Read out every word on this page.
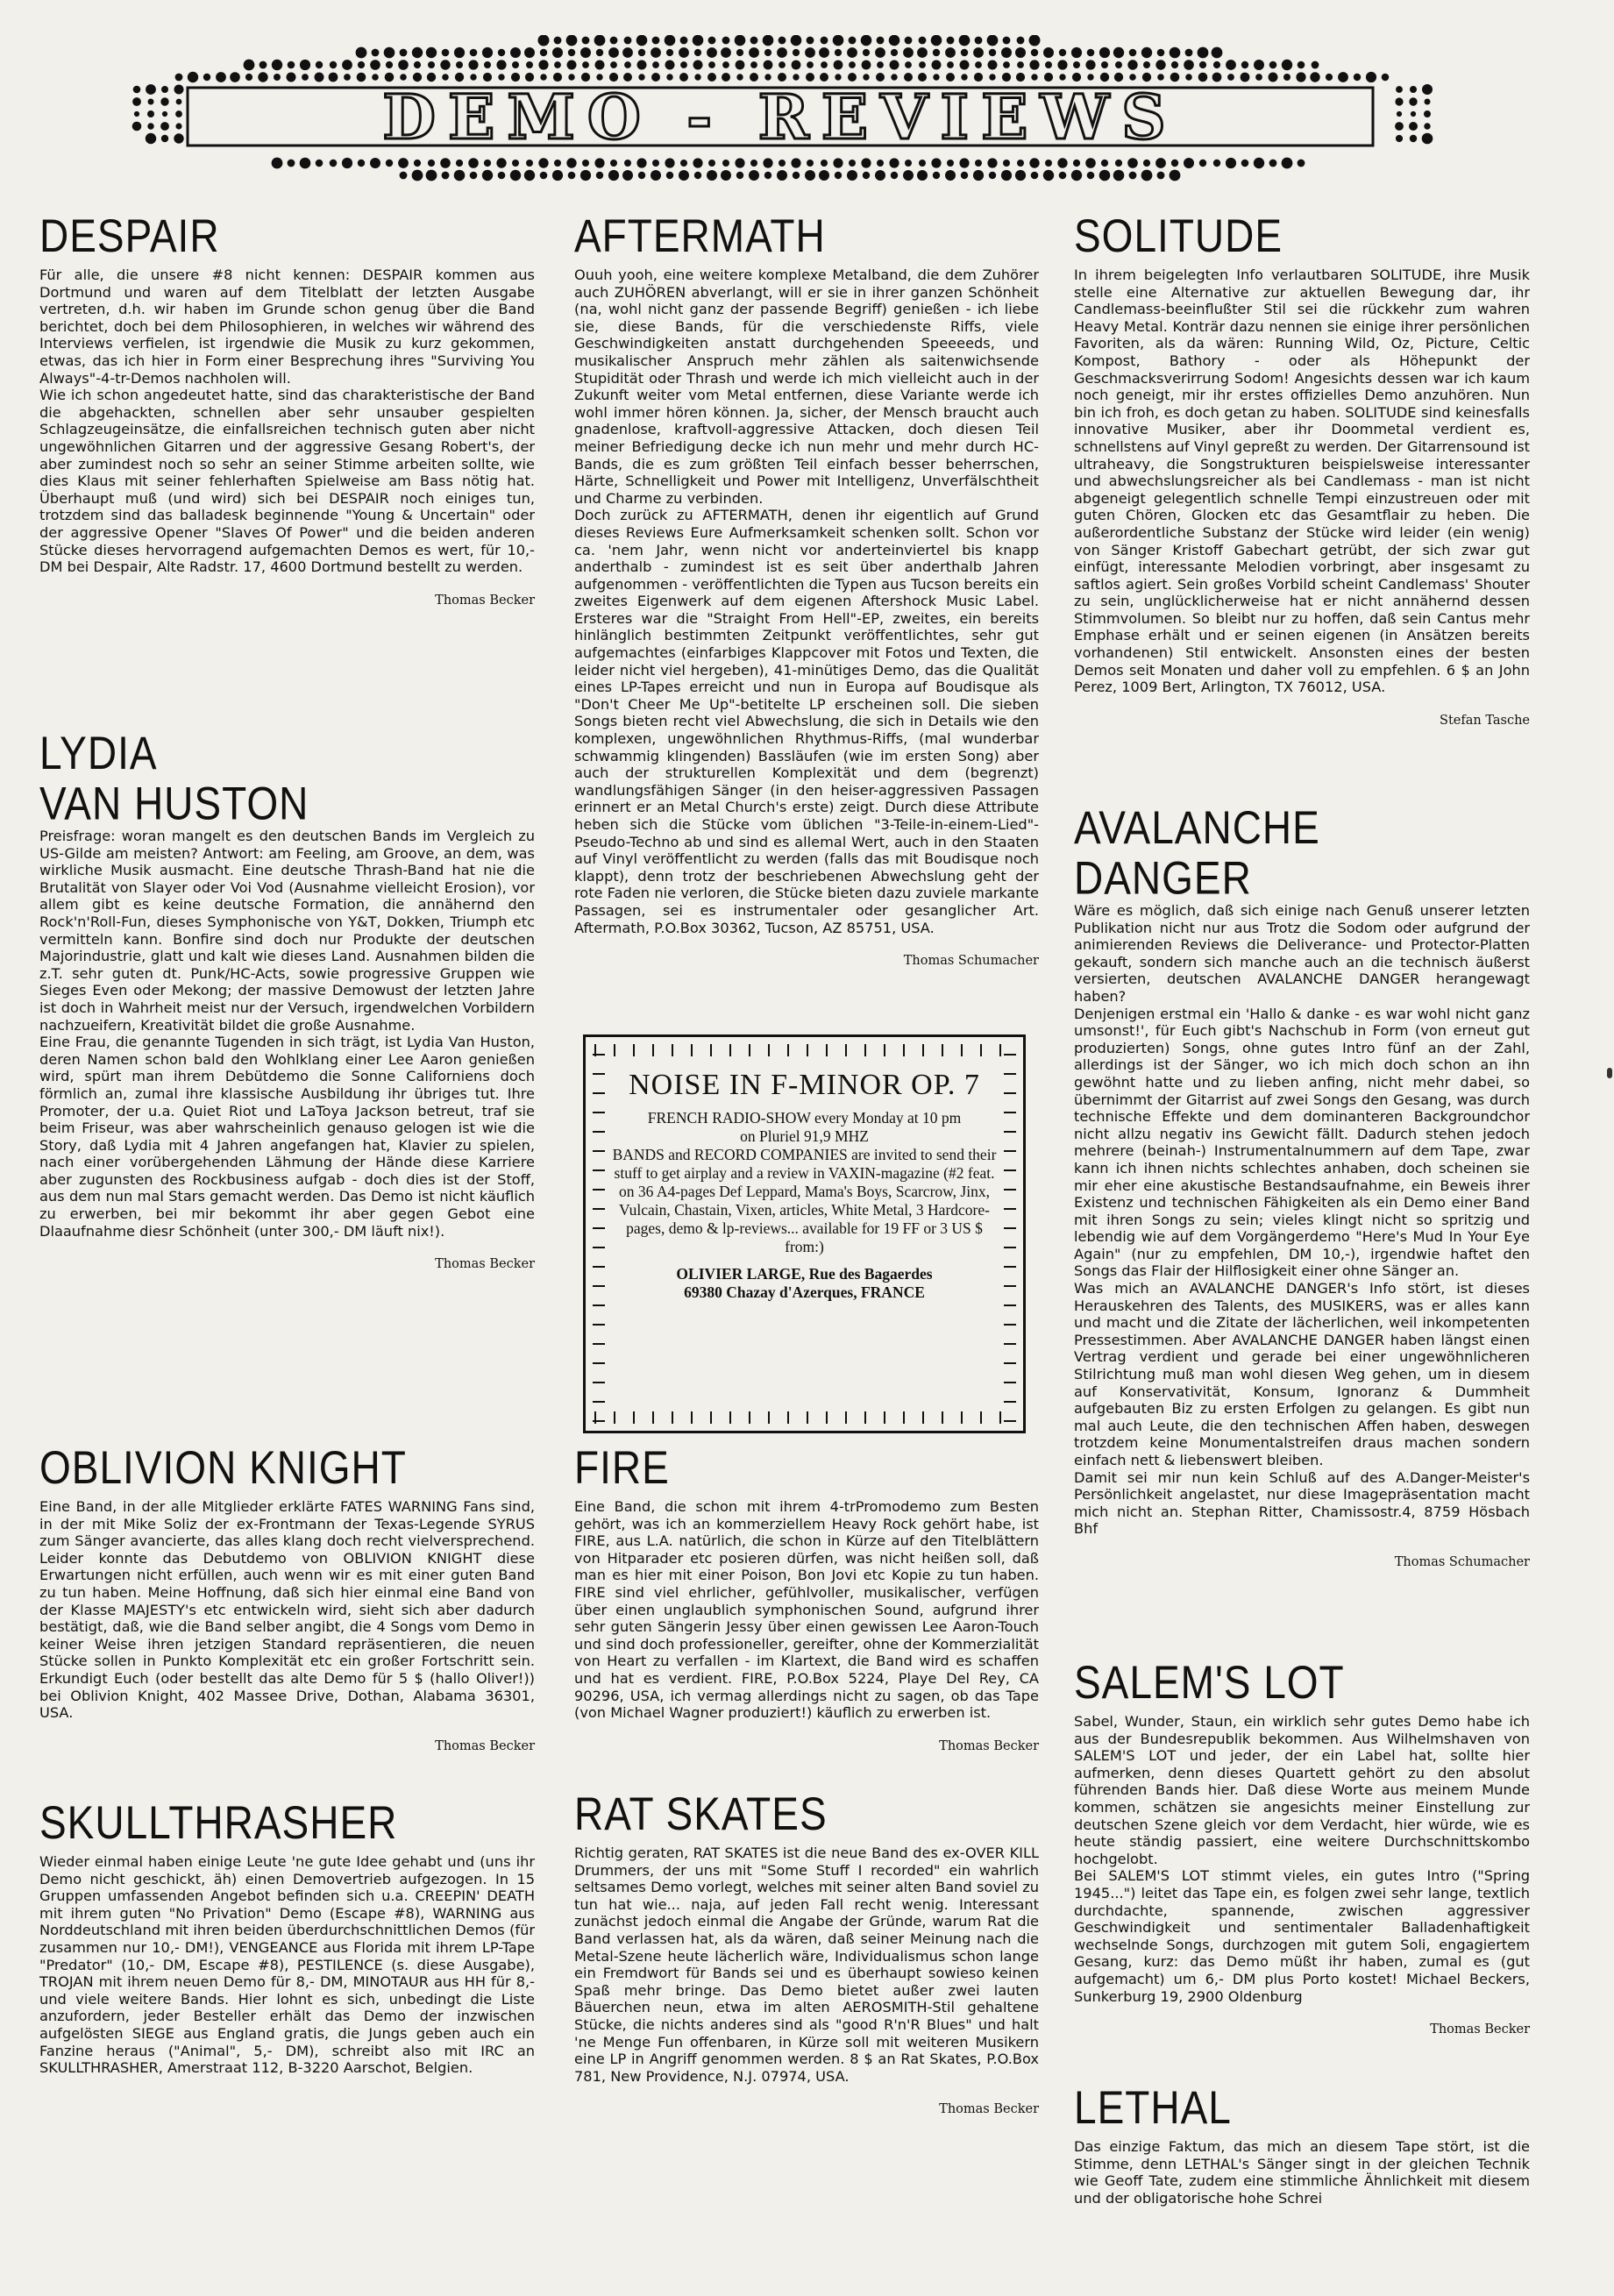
DEMO - REVIEWS
DESPAIR
Für alle, die unsere #8 nicht kennen: DESPAIR kommen aus Dortmund und waren auf dem Titelblatt der letzten Ausgabe vertreten, d.h. wir haben im Grunde schon genug über die Band berichtet, doch bei dem Philosophieren, in welches wir während des Interviews verfielen, ist irgendwie die Musik zu kurz gekommen, etwas, das ich hier in Form einer Besprechung ihres "Surviving You Always"-4-tr-Demos nachholen will.
Wie ich schon angedeutet hatte, sind das charakteristische der Band die abgehackten, schnellen aber sehr unsauber gespielten Schlagzeugeinsätze, die einfallsreichen technisch guten aber nicht ungewöhnlichen Gitarren und der aggressive Gesang Robert's, der aber zumindest noch so sehr an seiner Stimme arbeiten sollte, wie dies Klaus mit seiner fehlerhaften Spielweise am Bass nötig hat. Überhaupt muß (und wird) sich bei DESPAIR noch einiges tun, trotzdem sind das balladesk beginnende "Young & Uncertain" oder der aggressive Opener "Slaves Of Power" und die beiden anderen Stücke dieses hervorragend aufgemachten Demos es wert, für 10,- DM bei Despair, Alte Radstr. 17, 4600 Dortmund bestellt zu werden.
Thomas Becker
LYDIA
VAN HUSTON
Preisfrage: woran mangelt es den deutschen Bands im Vergleich zu US-Gilde am meisten? Antwort: am Feeling, am Groove, an dem, was wirkliche Musik ausmacht. Eine deutsche Thrash-Band hat nie die Brutalität von Slayer oder Voi Vod (Ausnahme vielleicht Erosion), vor allem gibt es keine deutsche Formation, die annähernd den Rock'n'Roll-Fun, dieses Symphonische von Y&T, Dokken, Triumph etc vermitteln kann. Bonfire sind doch nur Produkte der deutschen Majorindustrie, glatt und kalt wie dieses Land. Ausnahmen bilden die z.T. sehr guten dt. Punk/HC-Acts, sowie progressive Gruppen wie Sieges Even oder Mekong; der massive Demowust der letzten Jahre ist doch in Wahrheit meist nur der Versuch, irgendwelchen Vorbildern nachzueifern, Kreativität bildet die große Ausnahme.
Eine Frau, die genannte Tugenden in sich trägt, ist Lydia Van Huston, deren Namen schon bald den Wohlklang einer Lee Aaron genießen wird, spürt man ihrem Debütdemo die Sonne Californiens doch förmlich an, zumal ihre klassische Ausbildung ihr übriges tut. Ihre Promoter, der u.a. Quiet Riot und LaToya Jackson betreut, traf sie beim Friseur, was aber wahrscheinlich genauso gelogen ist wie die Story, daß Lydia mit 4 Jahren angefangen hat, Klavier zu spielen, nach einer vorübergehenden Lähmung der Hände diese Karriere aber zugunsten des Rockbusiness aufgab - doch dies ist der Stoff, aus dem nun mal Stars gemacht werden. Das Demo ist nicht käuflich zu erwerben, bei mir bekommt ihr aber gegen Gebot eine Dlaaufnahme diesr Schönheit (unter 300,- DM läuft nix!).
Thomas Becker
OBLIVION KNIGHT
Eine Band, in der alle Mitglieder erklärte FATES WARNING Fans sind, in der mit Mike Soliz der ex-Frontmann der Texas-Legende SYRUS zum Sänger avancierte, das alles klang doch recht vielversprechend. Leider konnte das Debutdemo von OBLIVION KNIGHT diese Erwartungen nicht erfüllen, auch wenn wir es mit einer guten Band zu tun haben. Meine Hoffnung, daß sich hier einmal eine Band von der Klasse MAJESTY's etc entwickeln wird, sieht sich aber dadurch bestätigt, daß, wie die Band selber angibt, die 4 Songs vom Demo in keiner Weise ihren jetzigen Standard repräsentieren, die neuen Stücke sollen in Punkto Komplexität etc ein großer Fortschritt sein. Erkundigt Euch (oder bestellt das alte Demo für 5 $ (hallo Oliver!)) bei Oblivion Knight, 402 Massee Drive, Dothan, Alabama 36301, USA.
Thomas Becker
SKULLTHRASHER
Wieder einmal haben einige Leute 'ne gute Idee gehabt und (uns ihr Demo nicht geschickt, äh) einen Demovertrieb aufgezogen. In 15 Gruppen umfassenden Angebot befinden sich u.a. CREEPIN' DEATH mit ihrem guten "No Privation" Demo (Escape #8), WARNING aus Norddeutschland mit ihren beiden überdurchschnittlichen Demos (für zusammen nur 10,- DM!), VENGEANCE aus Florida mit ihrem LP-Tape "Predator" (10,- DM, Escape #8), PESTILENCE (s. diese Ausgabe), TROJAN mit ihrem neuen Demo für 8,- DM, MINOTAUR aus HH für 8,- und viele weitere Bands. Hier lohnt es sich, unbedingt die Liste anzufordern, jeder Besteller erhält das Demo der inzwischen aufgelösten SIEGE aus England gratis, die Jungs geben auch ein Fanzine heraus ("Animal", 5,- DM), schreibt also mit IRC an SKULLTHRASHER, Amerstraat 112, B-3220 Aarschot, Belgien.
AFTERMATH
Ouuh yooh, eine weitere komplexe Metalband, die dem Zuhörer auch ZUHÖREN abverlangt, will er sie in ihrer ganzen Schönheit (na, wohl nicht ganz der passende Begriff) genießen - ich liebe sie, diese Bands, für die verschiedenste Riffs, viele Geschwindigkeiten anstatt durchgehenden Speeeeds, und musikalischer Anspruch mehr zählen als saitenwichsende Stupidität oder Thrash und werde ich mich vielleicht auch in der Zukunft weiter vom Metal entfernen, diese Variante werde ich wohl immer hören können. Ja, sicher, der Mensch braucht auch gnadenlose, kraftvoll-aggressive Attacken, doch diesen Teil meiner Befriedigung decke ich nun mehr und mehr durch HC-Bands, die es zum größten Teil einfach besser beherrschen, Härte, Schnelligkeit und Power mit Intelligenz, Unverfälschtheit und Charme zu verbinden.
Doch zurück zu AFTERMATH, denen ihr eigentlich auf Grund dieses Reviews Eure Aufmerksamkeit schenken sollt. Schon vor ca. 'nem Jahr, wenn nicht vor anderteinviertel bis knapp anderthalb - zumindest ist es seit über anderthalb Jahren aufgenommen - veröffentlichten die Typen aus Tucson bereits ein zweites Eigenwerk auf dem eigenen Aftershock Music Label. Ersteres war die "Straight From Hell"-EP, zweites, ein bereits hinlänglich bestimmten Zeitpunkt veröffentlichtes, sehr gut aufgemachtes (einfarbiges Klappcover mit Fotos und Texten, die leider nicht viel hergeben), 41-minütiges Demo, das die Qualität eines LP-Tapes erreicht und nun in Europa auf Boudisque als "Don't Cheer Me Up"-betitelte LP erscheinen soll. Die sieben Songs bieten recht viel Abwechslung, die sich in Details wie den komplexen, ungewöhnlichen Rhythmus-Riffs, (mal wunderbar schwammig klingenden) Bassläufen (wie im ersten Song) aber auch der strukturellen Komplexität und dem (begrenzt) wandlungsfähigen Sänger (in den heiser-aggressiven Passagen erinnert er an Metal Church's erste) zeigt. Durch diese Attribute heben sich die Stücke vom üblichen "3-Teile-in-einem-Lied"-Pseudo-Techno ab und sind es allemal Wert, auch in den Staaten auf Vinyl veröffentlicht zu werden (falls das mit Boudisque noch klappt), denn trotz der beschriebenen Abwechslung geht der rote Faden nie verloren, die Stücke bieten dazu zuviele markante Passagen, sei es instrumentaler oder gesanglicher Art. Aftermath, P.O.Box 30362, Tucson, AZ 85751, USA.
Thomas Schumacher
NOISE IN F-MINOR OP. 7
FRENCH RADIO-SHOW every Monday at 10 pm
on Pluriel 91,9 MHZ
BANDS and RECORD COMPANIES are invited to send their stuff to get airplay and a review in VAXIN-magazine (#2 feat. on 36 A4-pages Def Leppard, Mama's Boys, Scarcrow, Jinx, Vulcain, Chastain, Vixen, articles, White Metal, 3 Hardcore-pages, demo & lp-reviews... available for 19 FF or 3 US $ from:)
OLIVIER LARGE, Rue des Bagaerdes
69380 Chazay d'Azerques, FRANCE
FIRE
Eine Band, die schon mit ihrem 4-trPromodemo zum Besten gehört, was ich an kommerziellem Heavy Rock gehört habe, ist FIRE, aus L.A. natürlich, die schon in Kürze auf den Titelblättern von Hitparader etc posieren dürfen, was nicht heißen soll, daß man es hier mit einer Poison, Bon Jovi etc Kopie zu tun haben. FIRE sind viel ehrlicher, gefühlvoller, musikalischer, verfügen über einen unglaublich symphonischen Sound, aufgrund ihrer sehr guten Sängerin Jessy über einen gewissen Lee Aaron-Touch und sind doch professioneller, gereifter, ohne der Kommerzialität von Heart zu verfallen - im Klartext, die Band wird es schaffen und hat es verdient. FIRE, P.O.Box 5224, Playe Del Rey, CA 90296, USA, ich vermag allerdings nicht zu sagen, ob das Tape (von Michael Wagner produziert!) käuflich zu erwerben ist.
Thomas Becker
RAT SKATES
Richtig geraten, RAT SKATES ist die neue Band des ex-OVER KILL Drummers, der uns mit "Some Stuff I recorded" ein wahrlich seltsames Demo vorlegt, welches mit seiner alten Band soviel zu tun hat wie... naja, auf jeden Fall recht wenig. Interessant zunächst jedoch einmal die Angabe der Gründe, warum Rat die Band verlassen hat, als da wären, daß seiner Meinung nach die Metal-Szene heute lächerlich wäre, Individualismus schon lange ein Fremdwort für Bands sei und es überhaupt sowieso keinen Spaß mehr bringe. Das Demo bietet außer zwei lauten Bäuerchen neun, etwa im alten AEROSMITH-Stil gehaltene Stücke, die nichts anderes sind als "good R'n'R Blues" und halt 'ne Menge Fun offenbaren, in Kürze soll mit weiteren Musikern eine LP in Angriff genommen werden. 8 $ an Rat Skates, P.O.Box 781, New Providence, N.J. 07974, USA.
Thomas Becker
SOLITUDE
In ihrem beigelegten Info verlautbaren SOLITUDE, ihre Musik stelle eine Alternative zur aktuellen Bewegung dar, ihr Candlemass-beeinflußter Stil sei die rückkehr zum wahren Heavy Metal. Konträr dazu nennen sie einige ihrer persönlichen Favoriten, als da wären: Running Wild, Oz, Picture, Celtic Kompost, Bathory - oder als Höhepunkt der Geschmacksverirrung Sodom! Angesichts dessen war ich kaum noch geneigt, mir ihr erstes offizielles Demo anzuhören. Nun bin ich froh, es doch getan zu haben. SOLITUDE sind keinesfalls innovative Musiker, aber ihr Doommetal verdient es, schnellstens auf Vinyl gepreßt zu werden. Der Gitarrensound ist ultraheavy, die Songstrukturen beispielsweise interessanter und abwechslungsreicher als bei Candlemass - man ist nicht abgeneigt gelegentlich schnelle Tempi einzustreuen oder mit guten Chören, Glocken etc das Gesamtflair zu heben. Die außerordentliche Substanz der Stücke wird leider (ein wenig) von Sänger Kristoff Gabechart getrübt, der sich zwar gut einfügt, interessante Melodien vorbringt, aber insgesamt zu saftlos agiert. Sein großes Vorbild scheint Candlemass' Shouter zu sein, unglücklicherweise hat er nicht annähernd dessen Stimmvolumen. So bleibt nur zu hoffen, daß sein Cantus mehr Emphase erhält und er seinen eigenen (in Ansätzen bereits vorhandenen) Stil entwickelt. Ansonsten eines der besten Demos seit Monaten und daher voll zu empfehlen. 6 $ an John Perez, 1009 Bert, Arlington, TX 76012, USA.
Stefan Tasche
AVALANCHE
DANGER
Wäre es möglich, daß sich einige nach Genuß unserer letzten Publikation nicht nur aus Trotz die Sodom oder aufgrund der animierenden Reviews die Deliverance- und Protector-Platten gekauft, sondern sich manche auch an die technisch äußerst versierten, deutschen AVALANCHE DANGER herangewagt haben?
Denjenigen erstmal ein 'Hallo & danke - es war wohl nicht ganz umsonst!', für Euch gibt's Nachschub in Form (von erneut gut produzierten) Songs, ohne gutes Intro fünf an der Zahl, allerdings ist der Sänger, wo ich mich doch schon an ihn gewöhnt hatte und zu lieben anfing, nicht mehr dabei, so übernimmt der Gitarrist auf zwei Songs den Gesang, was durch technische Effekte und dem dominanteren Backgroundchor nicht allzu negativ ins Gewicht fällt. Dadurch stehen jedoch mehrere (beinah-) Instrumentalnummern auf dem Tape, zwar kann ich ihnen nichts schlechtes anhaben, doch scheinen sie mir eher eine akustische Bestandsaufnahme, ein Beweis ihrer Existenz und technischen Fähigkeiten als ein Demo einer Band mit ihren Songs zu sein; vieles klingt nicht so spritzig und lebendig wie auf dem Vorgängerdemo "Here's Mud In Your Eye Again" (nur zu empfehlen, DM 10,-), irgendwie haftet den Songs das Flair der Hilflosigkeit einer ohne Sänger an.
Was mich an AVALANCHE DANGER's Info stört, ist dieses Herauskehren des Talents, des MUSIKERS, was er alles kann und macht und die Zitate der lächerlichen, weil inkompetenten Pressestimmen. Aber AVALANCHE DANGER haben längst einen Vertrag verdient und gerade bei einer ungewöhnlicheren Stilrichtung muß man wohl diesen Weg gehen, um in diesem auf Konservativität, Konsum, Ignoranz & Dummheit aufgebauten Biz zu ersten Erfolgen zu gelangen. Es gibt nun mal auch Leute, die den technischen Affen haben, deswegen trotzdem keine Monumentalstreifen draus machen sondern einfach nett & liebenswert bleiben.
Damit sei mir nun kein Schluß auf des A.Danger-Meister's Persönlichkeit angelastet, nur diese Imagepräsentation macht mich nicht an. Stephan Ritter, Chamissostr.4, 8759 Hösbach Bhf
Thomas Schumacher
SALEM'S LOT
Sabel, Wunder, Staun, ein wirklich sehr gutes Demo habe ich aus der Bundesrepublik bekommen. Aus Wilhelmshaven von SALEM'S LOT und jeder, der ein Label hat, sollte hier aufmerken, denn dieses Quartett gehört zu den absolut führenden Bands hier. Daß diese Worte aus meinem Munde kommen, schätzen sie angesichts meiner Einstellung zur deutschen Szene gleich vor dem Verdacht, hier würde, wie es heute ständig passiert, eine weitere Durchschnittskombo hochgelobt.
Bei SALEM'S LOT stimmt vieles, ein gutes Intro ("Spring 1945...") leitet das Tape ein, es folgen zwei sehr lange, textlich durchdachte, spannende, zwischen aggressiver Geschwindigkeit und sentimentaler Balladenhaftigkeit wechselnde Songs, durchzogen mit gutem Soli, engagiertem Gesang, kurz: das Demo müßt ihr haben, zumal es (gut aufgemacht) um 6,- DM plus Porto kostet! Michael Beckers, Sunkerburg 19, 2900 Oldenburg
Thomas Becker
LETHAL
Das einzige Faktum, das mich an diesem Tape stört, ist die Stimme, denn LETHAL's Sänger singt in der gleichen Technik wie Geoff Tate, zudem eine stimmliche Ähnlichkeit mit diesem und der obligatorische hohe Schrei
